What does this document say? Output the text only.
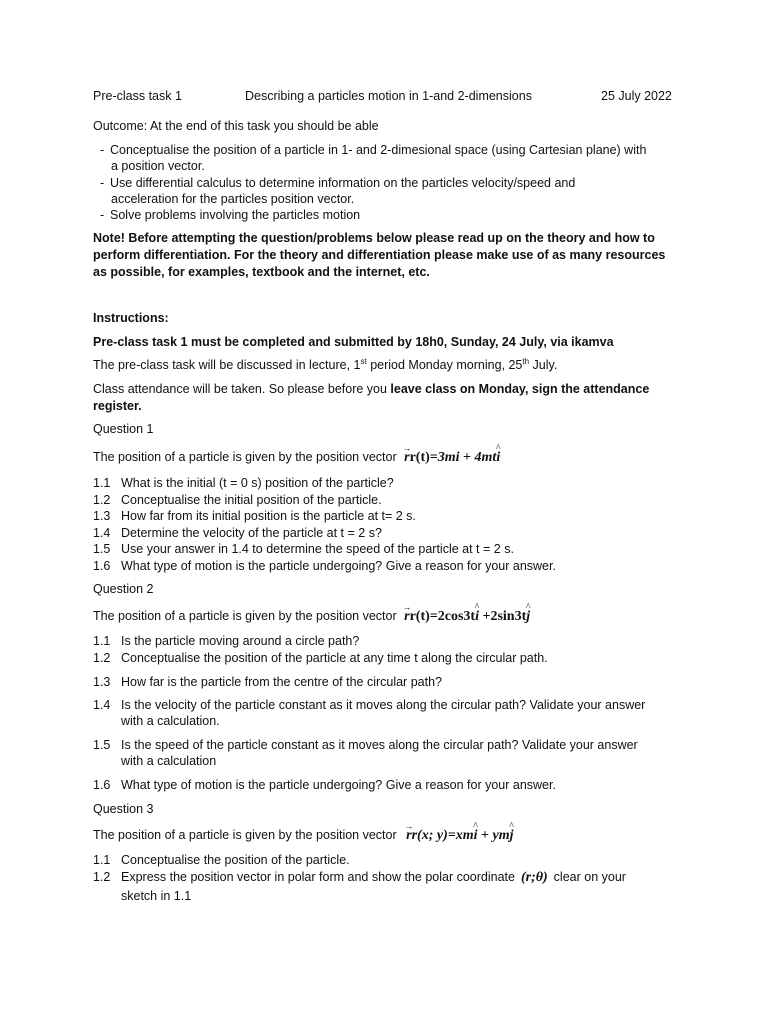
Pre-class task 1	Describing a particles motion in 1-and 2-dimensions	25 July 2022
Outcome: At the end of this task you should be able
- Conceptualise the position of a particle in 1- and 2-dimesional space (using Cartesian plane) with
a position vector.
- Use differential calculus to determine information on the particles velocity/speed and
acceleration for the particles position vector.
- Solve problems involving the particles motion
Note! Before attempting the question/problems below please read up on the theory and how to
perform differentiation. For the theory and differentiation please make use of as many resources
as possible, for examples, textbook and the internet, etc.
Instructions:
Pre-class task 1 must be completed and submitted by 18h0, Sunday, 24 July, via ikamva
The pre-class task will be discussed in lecture, 1st period Monday morning, 25th July.
Class attendance will be taken. So please before you leave class on Monday, sign the attendance
register.
Question 1
The position of a particle is given by the position vector r →r(t)=3mi + 4mti ^
1.1 What is the initial (t = 0 s) position of the particle?
1.2 Conceptualise the initial position of the particle.
1.3 How far from its initial position is the particle at t= 2 s.
1.4 Determine the velocity of the particle at t = 2 s?
1.5 Use your answer in 1.4 to determine the speed of the particle at t = 2 s.
1.6 What type of motion is the particle undergoing? Give a reason for your answer.
Question 2
The position of a particle is given by the position vector r →r(t)=2cos3ti ^ +2sin3tj ^
1.1 Is the particle moving around a circle path?
1.2 Conceptualise the position of the particle at any time t along the circular path.
1.3 How far is the particle from the centre of the circular path?
1.4 Is the velocity of the particle constant as it moves along the circular path? Validate your answer
with a calculation.
1.5 Is the speed of the particle constant as it moves along the circular path? Validate your answer
with a calculation
1.6 What type of motion is the particle undergoing? Give a reason for your answer.
Question 3
The position of a particle is given by the position vector r →r(x; y)=xmi ^ + ymj ^
1.1 Conceptualise the position of the particle.
1.2 Express the position vector in polar form and show the polar coordinate (r;θ) clear on your
sketch in 1.1
